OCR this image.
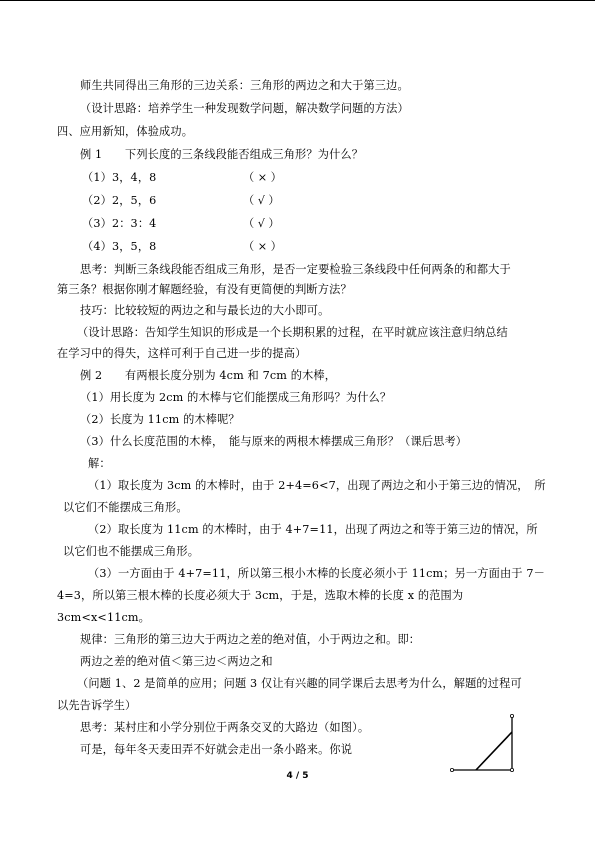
师生共同得出三角形的三边关系：三角形的两边之和大于第三边。

（设计思路：培养学生一种发现数学问题，解决数学问题的方法）

四、应用新知，体验成功。

例 1　　下列长度的三条线段能否组成三角形？为什么？

（1）3，4，8	（ × ）

（2）2，5，6	（ √ ）

（3）2：3：4	（ √ ）

（4）3，5，8	（ × ）

思考：判断三条线段能否组成三角形，是否一定要检验三条线段中任何两条的和都大于

第三条？根据你刚才解题经验，有没有更简便的判断方法？

技巧：比较较短的两边之和与最长边的大小即可。

（设计思路：告知学生知识的形成是一个长期积累的过程，在平时就应该注意归纳总结

在学习中的得失，这样可利于自己进一步的提高）

例 2　　有两根长度分别为 4cm 和 7cm 的木棒，

（1）用长度为 2cm 的木棒与它们能摆成三角形吗？为什么？

（2）长度为 11cm 的木棒呢？

（3）什么长度范围的木棒，　能与原来的两根木棒摆成三角形？（课后思考）

解：

（1）取长度为 3cm 的木棒时，由于 2+4=6<7，出现了两边之和小于第三边的情况，　所

以它们不能摆成三角形。

（2）取长度为 11cm 的木棒时，由于 4+7=11，出现了两边之和等于第三边的情况，所

以它们也不能摆成三角形。

（3）一方面由于 4+7=11，所以第三根小木棒的长度必须小于 11cm；另一方面由于 7－

4=3，所以第三根木棒的长度必须大于 3cm，于是，选取木棒的长度 x 的范围为

3cm<x<11cm。

规律：三角形的第三边大于两边之差的绝对值，小于两边之和。即：

两边之差的绝对值＜第三边＜两边之和

（问题 1、2 是简单的应用；问题 3 仅让有兴趣的同学课后去思考为什么，解题的过程可

以先告诉学生）

思考：某村庄和小学分别位于两条交叉的大路边（如图）。

可是，每年冬天麦田弄不好就会走出一条小路来。你说

4 / 5
